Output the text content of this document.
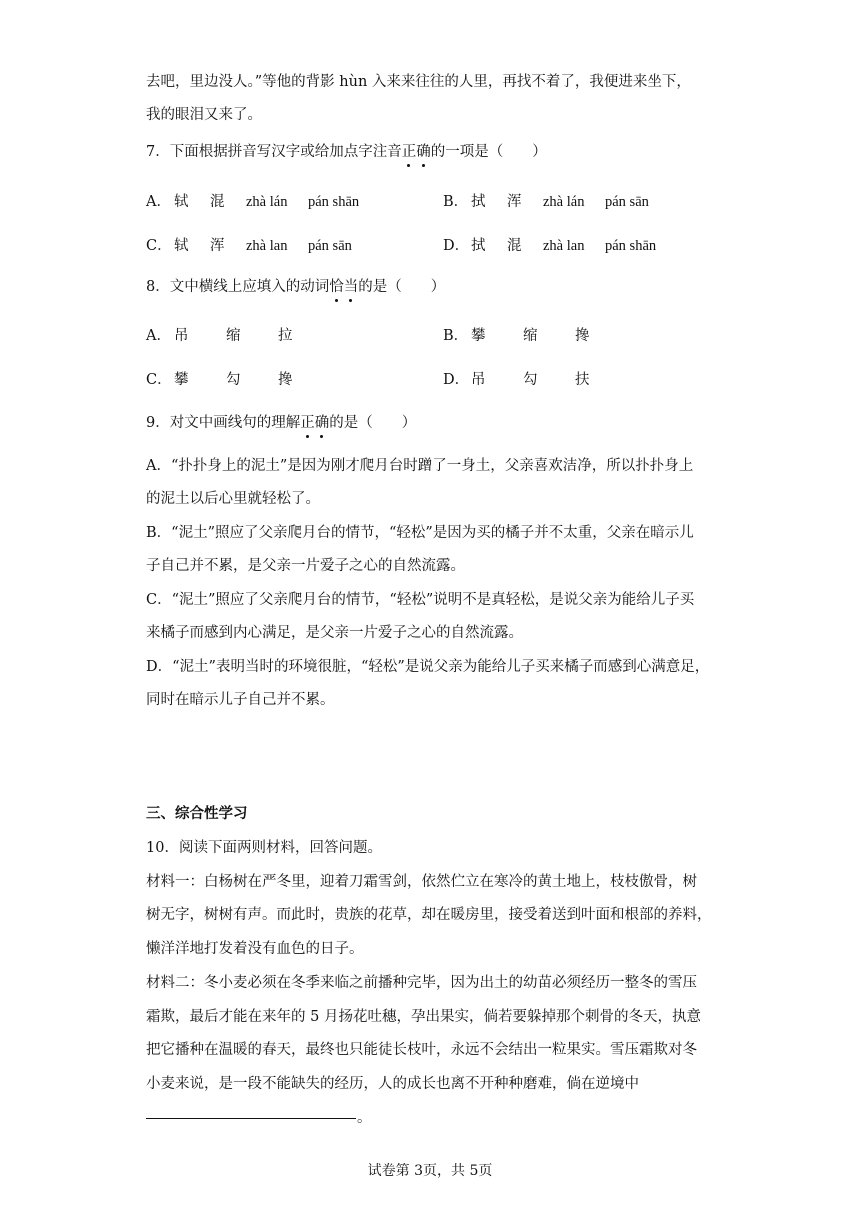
去吧，里边没人。”等他的背影 hùn 入来来往往的人里，再找不着了，我便进来坐下，
我的眼泪又来了。
7．下面根据拼音写汉字或给加点字注音正确的一项是（　　）
A． 轼 混 zhà lán pán shān	B． 拭 浑 zhà lán pán sān
C． 轼 浑 zhà lan pán sān	D． 拭 混 zhà lan pán shān
8．文中横线上应填入的动词恰当的是（　　）
A． 吊	缩	拉	B． 攀	缩	搀
C． 攀	勾	搀	D． 吊	勾	扶
9．对文中画线句的理解正确的是（　　）
A．“扑扑身上的泥土”是因为刚才爬月台时蹭了一身土，父亲喜欢洁净，所以扑扑身上
的泥土以后心里就轻松了。
B．“泥土”照应了父亲爬月台的情节，“轻松”是因为买的橘子并不太重，父亲在暗示儿
子自己并不累，是父亲一片爱子之心的自然流露。
C．“泥土”照应了父亲爬月台的情节，“轻松”说明不是真轻松，是说父亲为能给儿子买
来橘子而感到内心满足，是父亲一片爱子之心的自然流露。
D．“泥土”表明当时的环境很脏，“轻松”是说父亲为能给儿子买来橘子而感到心满意足，
同时在暗示儿子自己并不累。
三、综合性学习
10．阅读下面两则材料，回答问题。
材料一：白杨树在严冬里，迎着刀霜雪剑，依然伫立在寒冷的黄土地上，枝枝傲骨，树
树无字，树树有声。而此时，贵族的花草，却在暖房里，接受着送到叶面和根部的养料，
懒洋洋地打发着没有血色的日子。
材料二：冬小麦必须在冬季来临之前播种完毕，因为出土的幼苗必须经历一整冬的雪压
霜欺，最后才能在来年的 5 月扬花吐穗，孕出果实，倘若要躲掉那个刺骨的冬天，执意
把它播种在温暖的春天，最终也只能徒长枝叶，永远不会结出一粒果实。雪压霜欺对冬
小麦来说，是一段不能缺失的经历，人的成长也离不开种种磨难，倘在逆境中
。
试卷第 3页，共 5页
